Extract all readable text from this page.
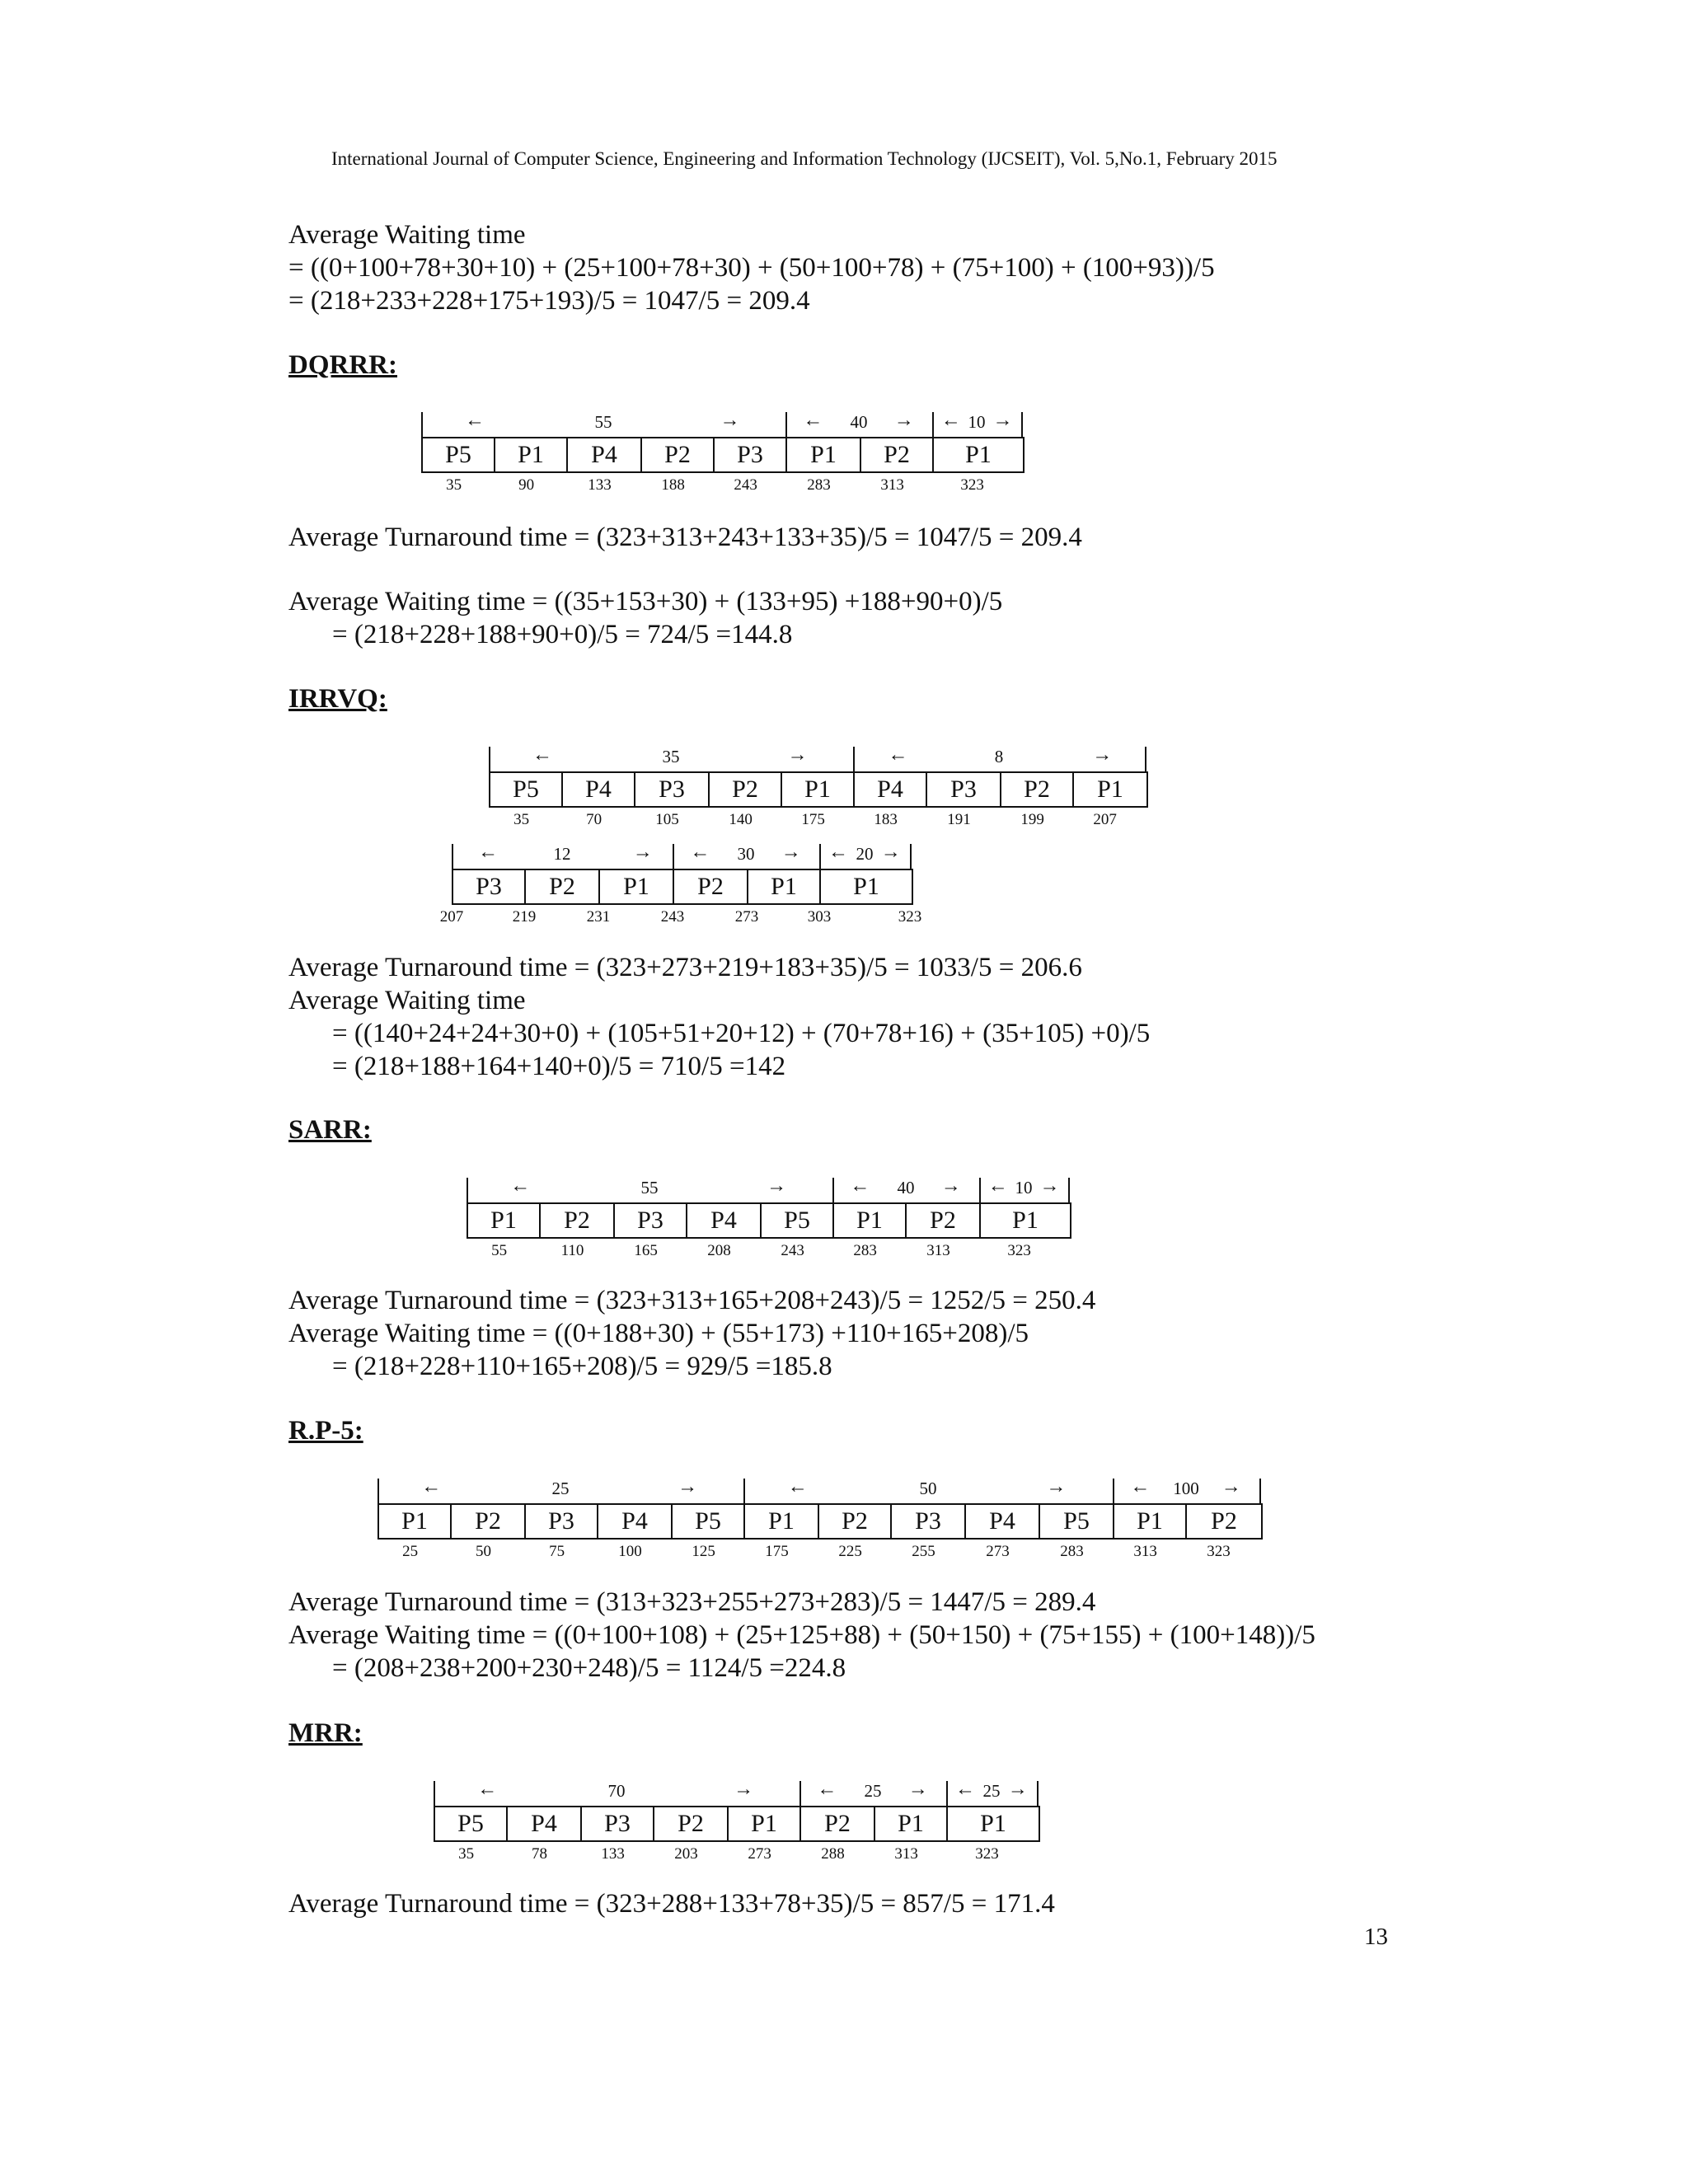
International Journal of Computer Science, Engineering and Information Technology (IJCSEIT), Vol. 5,No.1, February 2015
Average Waiting time
= ((0+100+78+30+10) + (25+100+78+30) + (50+100+78) + (75+100) + (100+93))/5
= (218+233+228+175+193)/5 = 1047/5 = 209.4
DQRRR:
←	55	→	←	40	→ ← 10 →
P5	P1	P4	P2	P3	P1	P2	P1
35	90	133	188	243	283	313	323
Average Turnaround time = (323+313+243+133+35)/5 = 1047/5 = 209.4
Average Waiting time = ((35+153+30) + (133+95) +188+90+0)/5
= (218+228+188+90+0)/5 = 724/5 =144.8
IRRVQ:
←	35	→	←	8	→
P5	P4	P3	P2	P1	P4	P3	P2	P1
35	70	105	140	175	183	191	199	207
←	12	→ ←	30	→ ← 20 →
P3	P2	P1	P2	P1	P1
207	219	231	243	273	303	323
Average Turnaround time = (323+273+219+183+35)/5 = 1033/5 = 206.6
Average Waiting time
= ((140+24+24+30+0) + (105+51+20+12) + (70+78+16) + (35+105) +0)/5
= (218+188+164+140+0)/5 = 710/5 =142
SARR:
←	55	→	←	40	→ ← 10 →
P1	P2	P3	P4	P5	P1	P2	P1
55	110	165	208	243	283	313	323
Average Turnaround time = (323+313+165+208+243)/5 = 1252/5 = 250.4
Average Waiting time = ((0+188+30) + (55+173) +110+165+208)/5
= (218+228+110+165+208)/5 = 929/5 =185.8
R.P-5:
←	25	→	←	50	→	←	100	→
P1	P2	P3	P4	P5	P1	P2	P3	P4	P5	P1	P2
25	50	75	100	125	175	225	255	273	283	313	323
Average Turnaround time = (313+323+255+273+283)/5 = 1447/5 = 289.4
Average Waiting time = ((0+100+108) + (25+125+88) + (50+150) + (75+155) + (100+148))/5
= (208+238+200+230+248)/5 = 1124/5 =224.8
MRR:
←	70	→	←	25	→ ← 25 →
P5	P4	P3	P2	P1	P2	P1	P1
35	78	133	203	273	288	313	323
Average Turnaround time = (323+288+133+78+35)/5 = 857/5 = 171.4
13
